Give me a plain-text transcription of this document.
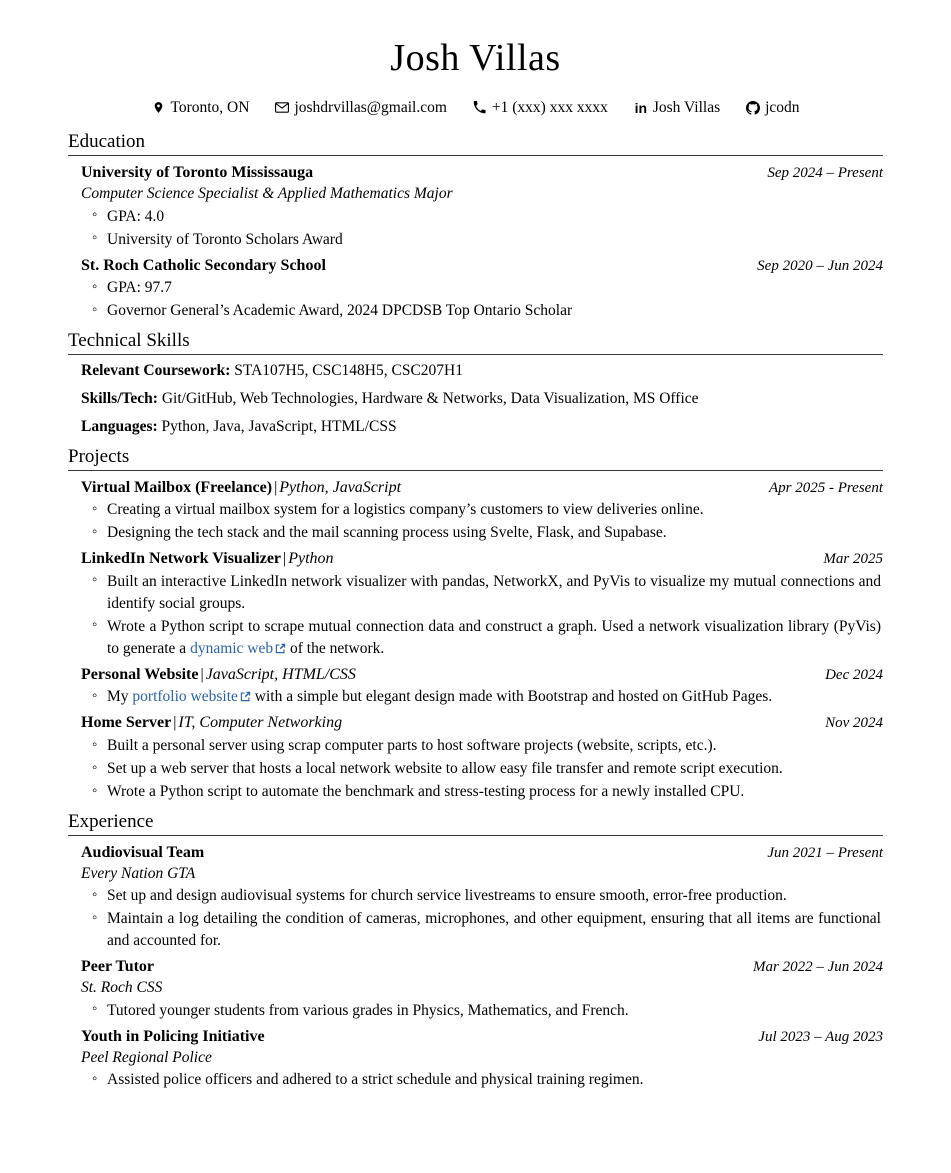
Josh Villas
Toronto, ON	joshdrvillas@gmail.com	+1 (xxx) xxx xxxx in Josh Villas	jcodn
Education
University of Toronto Mississauga	Sep 2024 – Present
Computer Science Specialist & Applied Mathematics Major
◦ GPA: 4.0
◦ University of Toronto Scholars Award
St. Roch Catholic Secondary School	Sep 2020 – Jun 2024
◦ GPA: 97.7
◦ Governor General’s Academic Award, 2024 DPCDSB Top Ontario Scholar
Technical Skills
Relevant Coursework: STA107H5, CSC148H5, CSC207H1
Skills/Tech: Git/GitHub, Web Technologies, Hardware & Networks, Data Visualization, MS Office
Languages: Python, Java, JavaScript, HTML/CSS
Projects
Virtual Mailbox (Freelance) | Python, JavaScript	Apr 2025 - Present
◦ Creating a virtual mailbox system for a logistics company’s customers to view deliveries online.
◦ Designing the tech stack and the mail scanning process using Svelte, Flask, and Supabase.
LinkedIn Network Visualizer | Python	Mar 2025
◦ Built an interactive LinkedIn network visualizer with pandas, NetworkX, and PyVis to visualize my mutual connections and identify social groups.
◦ Wrote a Python script to scrape mutual connection data and construct a graph. Used a network visualization library (PyVis) to generate a dynamic web
of the network.
Personal Website | JavaScript, HTML/CSS	Dec 2024
◦ My portfolio website
with a simple but elegant design made with Bootstrap and hosted on GitHub Pages.
Home Server | IT, Computer Networking	Nov 2024
◦ Built a personal server using scrap computer parts to host software projects (website, scripts, etc.).
◦ Set up a web server that hosts a local network website to allow easy file transfer and remote script execution.
◦ Wrote a Python script to automate the benchmark and stress-testing process for a newly installed CPU.
Experience
Audiovisual Team	Jun 2021 – Present
Every Nation GTA
◦ Set up and design audiovisual systems for church service livestreams to ensure smooth, error-free production.
◦ Maintain a log detailing the condition of cameras, microphones, and other equipment, ensuring that all items are functional and accounted for.
Peer Tutor	Mar 2022 – Jun 2024
St. Roch CSS
◦ Tutored younger students from various grades in Physics, Mathematics, and French.
Youth in Policing Initiative	Jul 2023 – Aug 2023
Peel Regional Police
◦ Assisted police officers and adhered to a strict schedule and physical training regimen.
